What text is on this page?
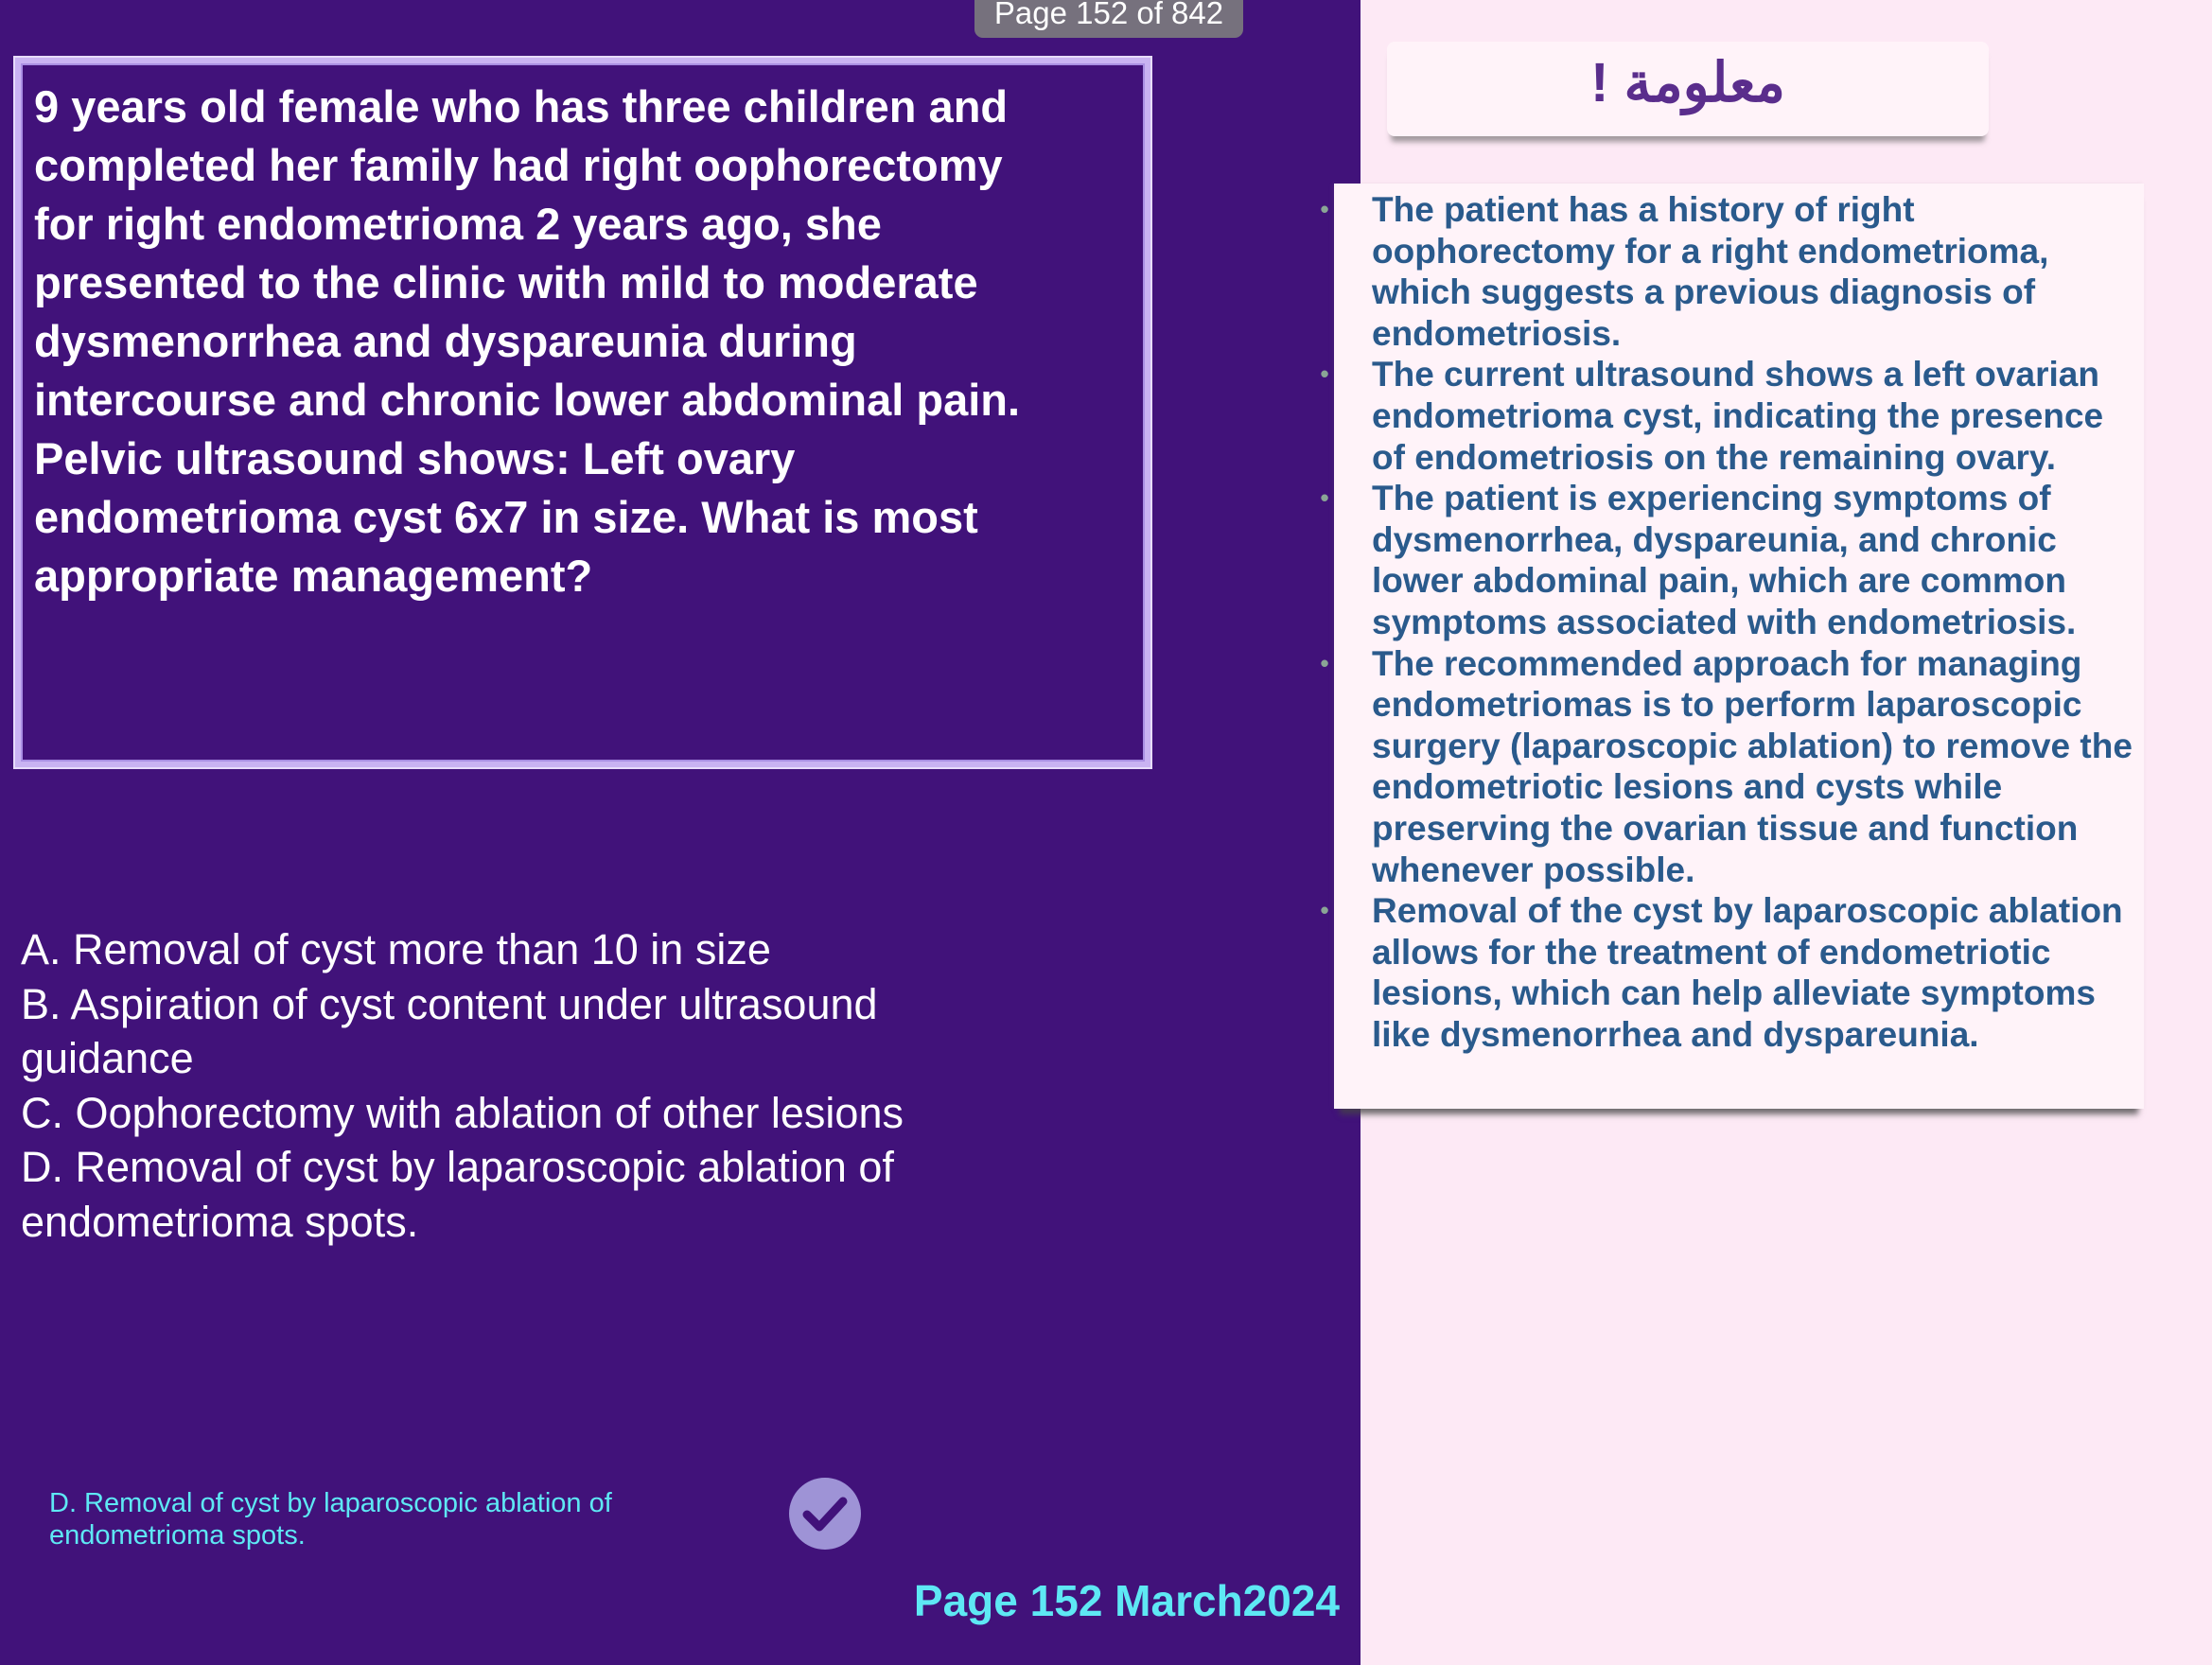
Page 152 of 842

9 years old female who has three children and
completed her family had right oophorectomy
for right endometrioma 2 years ago, she
presented to the clinic with mild to moderate
dysmenorrhea and dyspareunia during
intercourse and chronic lower abdominal pain.
Pelvic ultrasound shows: Left ovary
endometrioma cyst 6x7 in size. What is most
appropriate management?

A. Removal of cyst more than 10 in size
B. Aspiration of cyst content under ultrasound guidance
C. Oophorectomy with ablation of other lesions
D. Removal of cyst by laparoscopic ablation of endometrioma spots.

D. Removal of cyst by laparoscopic ablation of
endometrioma spots.

Page 152 March2024

معلومة !

• The patient has a history of right oophorectomy for a right endometrioma, which suggests a previous diagnosis of endometriosis.
• The current ultrasound shows a left ovarian endometrioma cyst, indicating the presence of endometriosis on the remaining ovary.
• The patient is experiencing symptoms of dysmenorrhea, dyspareunia, and chronic lower abdominal pain, which are common symptoms associated with endometriosis.
• The recommended approach for managing endometriomas is to perform laparoscopic surgery (laparoscopic ablation) to remove the endometriotic lesions and cysts while preserving the ovarian tissue and function whenever possible.
• Removal of the cyst by laparoscopic ablation allows for the treatment of endometriotic lesions, which can help alleviate symptoms like dysmenorrhea and dyspareunia.
